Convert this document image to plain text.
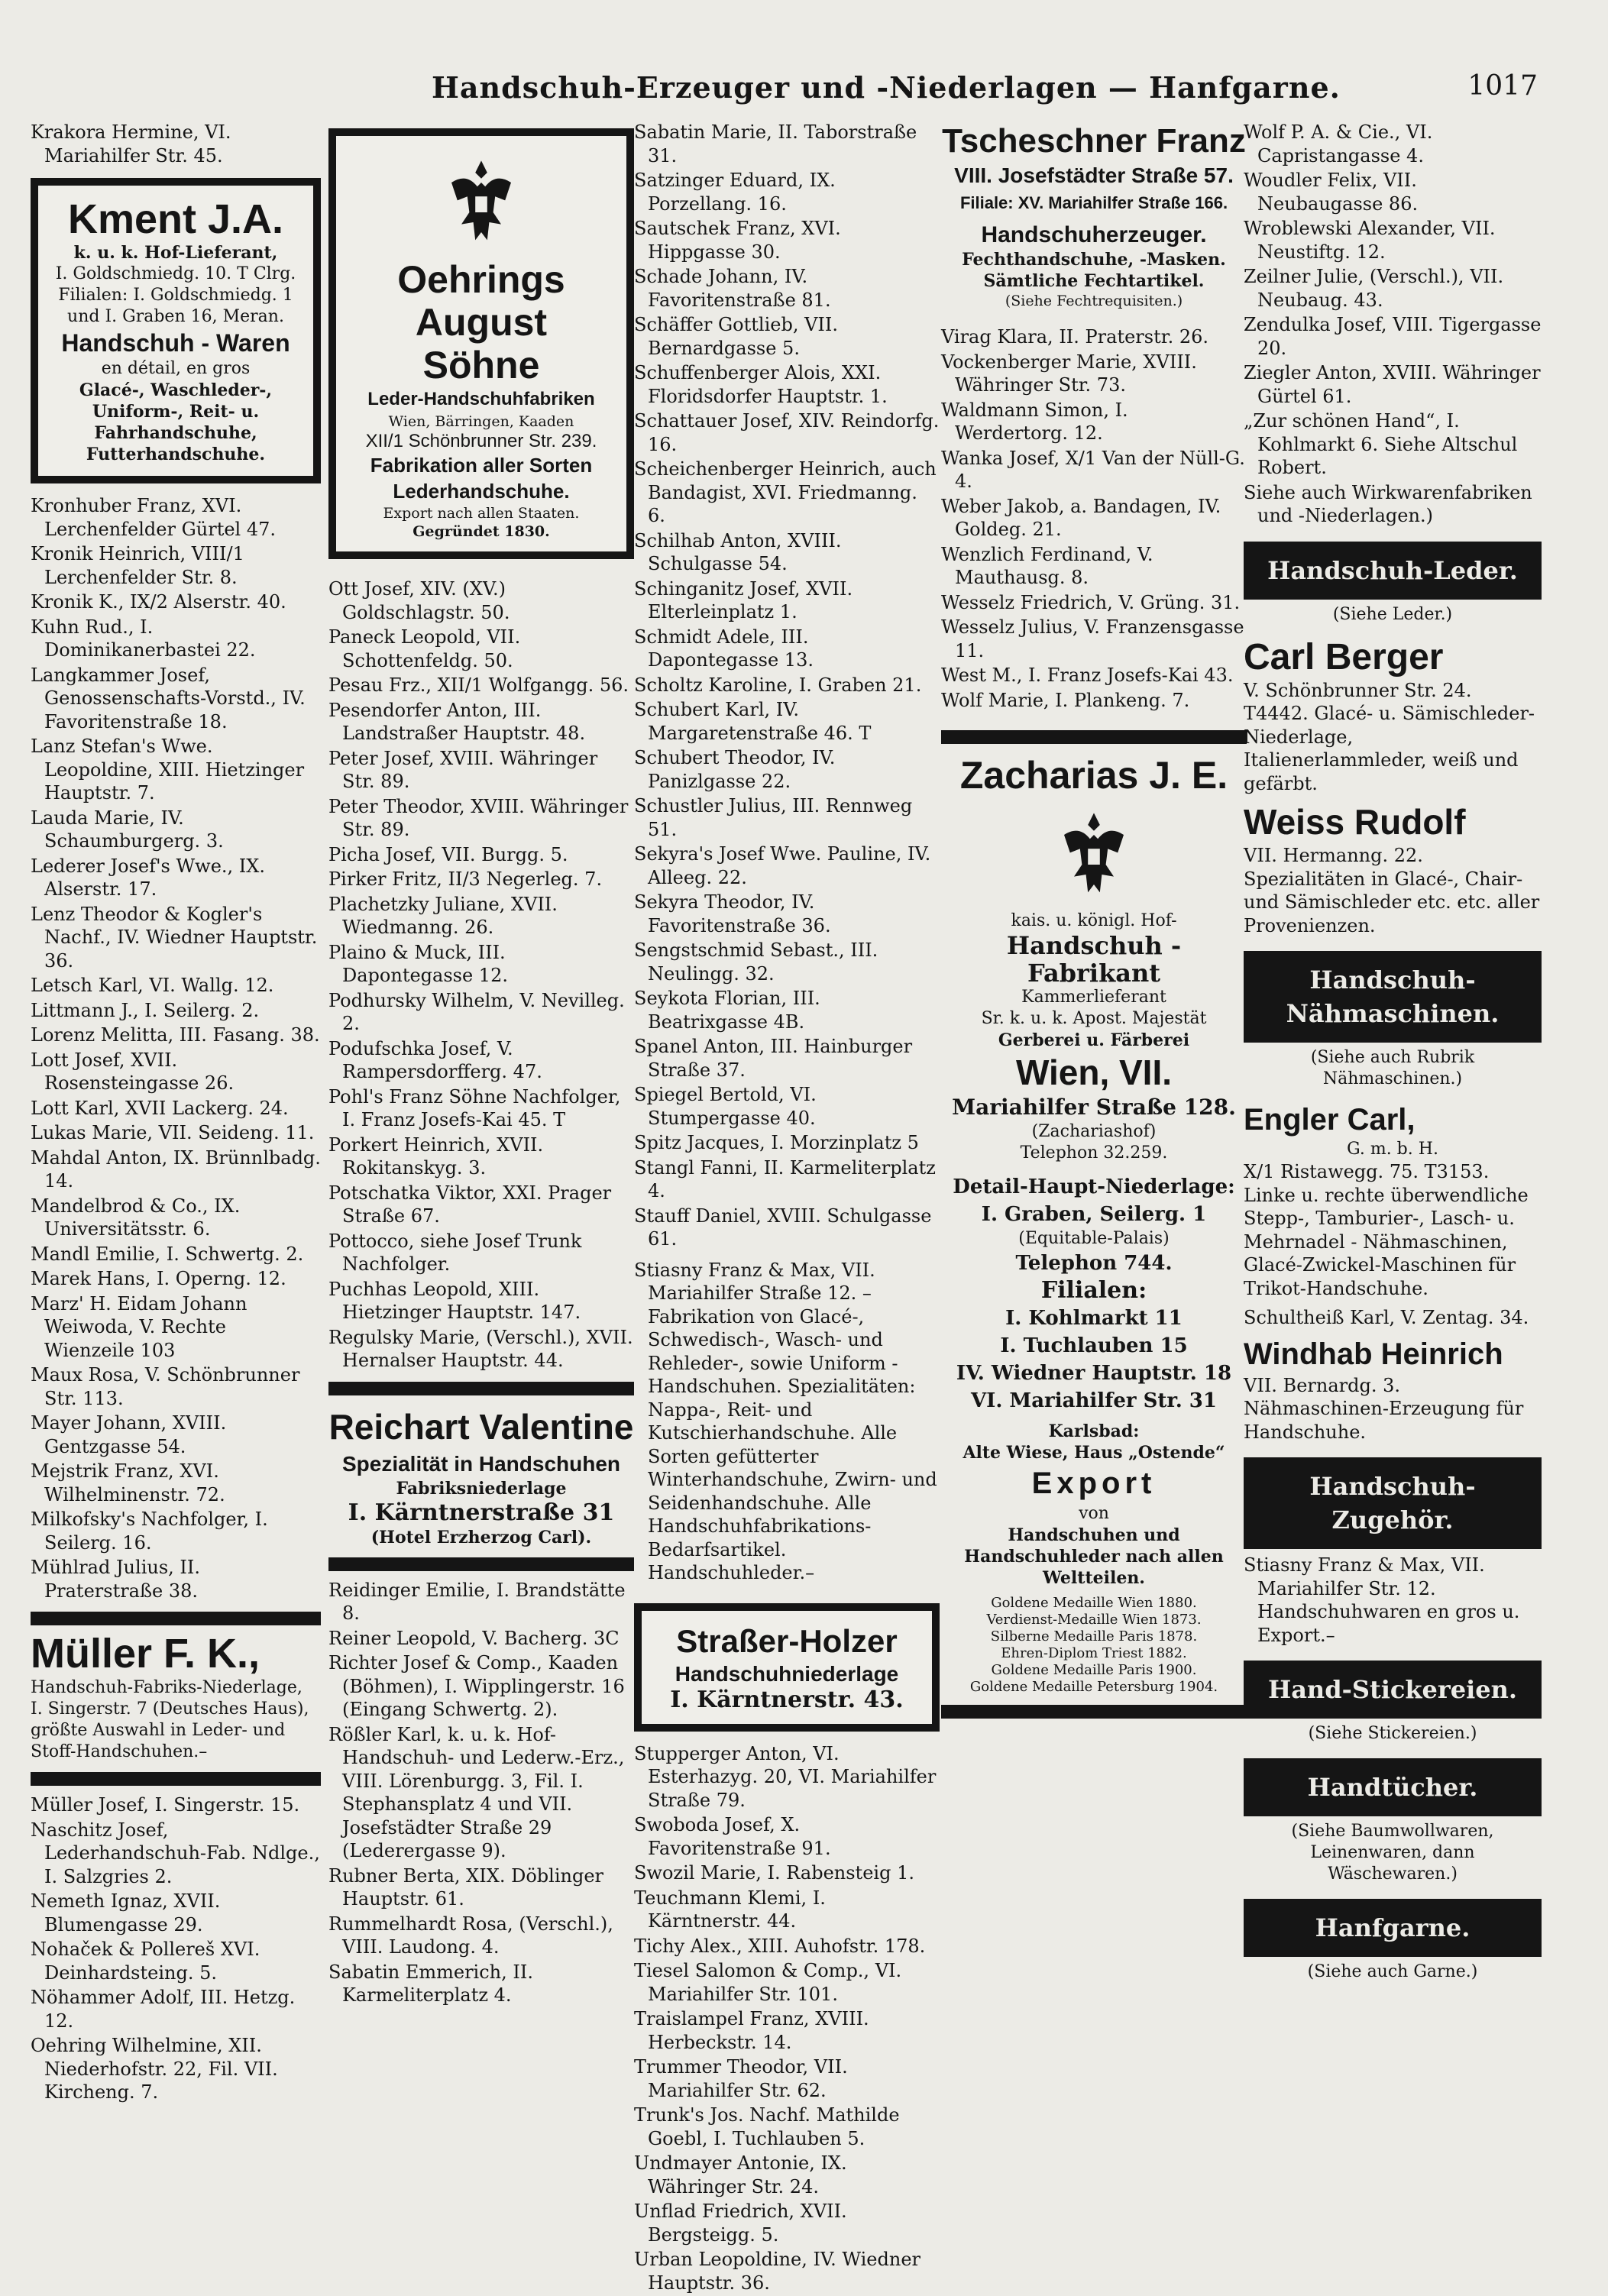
Handschuh-Erzeuger und -Niederlagen — Hanfgarne.	1017
Krakora Hermine, VI. Mariahilfer Str. 45.
Kment J.A.
k. u. k. Hof-Lieferant,
I. Goldschmiedg. 10. T Clrg.
Filialen: I. Goldschmiedg. 1
und I. Graben 16, Meran.
Handschuh - Waren
en détail, en gros
Glacé-, Waschleder-, Uniform-, Reit- u. Fahrhandschuhe, Futterhandschuhe.
Kronhuber Franz, XVI. Lerchenfelder Gürtel 47.
Kronik Heinrich, VIII/1 Lerchenfelder Str. 8.
Kronik K., IX/2 Alserstr. 40.
Kuhn Rud., I. Dominikanerbastei 22.
Langkammer Josef, Genossenschafts-Vorstd., IV. Favoritenstraße 18.
Lanz Stefan's Wwe. Leopoldine, XIII. Hietzinger Hauptstr. 7.
Lauda Marie, IV. Schaumburgerg. 3.
Lederer Josef's Wwe., IX. Alserstr. 17.
Lenz Theodor & Kogler's Nachf., IV. Wiedner Hauptstr. 36.
Letsch Karl, VI. Wallg. 12.
Littmann J., I. Seilerg. 2.
Lorenz Melitta, III. Fasang. 38.
Lott Josef, XVII. Rosensteingasse 26.
Lott Karl, XVII Lackerg. 24.
Lukas Marie, VII. Seideng. 11.
Mahdal Anton, IX. Brünnlbadg. 14.
Mandelbrod & Co., IX. Universitätsstr. 6.
Mandl Emilie, I. Schwertg. 2.
Marek Hans, I. Operng. 12.
Marz' H. Eidam Johann Weiwoda, V. Rechte Wienzeile 103
Maux Rosa, V. Schönbrunner Str. 113.
Mayer Johann, XVIII. Gentzgasse 54.
Mejstrik Franz, XVI. Wilhelminenstr. 72.
Milkofsky's Nachfolger, I. Seilerg. 16.
Mühlrad Julius, II. Praterstraße 38.
Müller F. K.,
Handschuh-Fabriks-Niederlage,
I. Singerstr. 7 (Deutsches Haus),
größte Auswahl in Leder- und Stoff-Handschuhen.–
Müller Josef, I. Singerstr. 15.
Naschitz Josef, Lederhandschuh-Fab. Ndlge., I. Salzgries 2.
Nemeth Ignaz, XVII. Blumengasse 29.
Nohaček & Pollereš XVI. Deinhardsteing. 5.
Nöhammer Adolf, III. Hetzg. 12.
Oehring Wilhelmine, XII. Niederhofstr. 22, Fil. VII. Kircheng. 7.
Oehrings
August
Söhne
Leder-Handschuhfabriken
Wien, Bärringen, Kaaden
XII/1 Schönbrunner Str. 239.
Fabrikation aller Sorten Lederhandschuhe.
Export nach allen Staaten.
Gegründet 1830.
Ott Josef, XIV. (XV.) Goldschlagstr. 50.
Paneck Leopold, VII. Schottenfeldg. 50.
Pesau Frz., XII/1 Wolfgangg. 56.
Pesendorfer Anton, III. Landstraßer Hauptstr. 48.
Peter Josef, XVIII. Währinger Str. 89.
Peter Theodor, XVIII. Währinger Str. 89.
Picha Josef, VII. Burgg. 5.
Pirker Fritz, II/3 Negerleg. 7.
Plachetzky Juliane, XVII. Wiedmanng. 26.
Plaino & Muck, III. Dapontegasse 12.
Podhursky Wilhelm, V. Nevilleg. 2.
Podufschka Josef, V. Rampersdorfferg. 47.
Pohl's Franz Söhne Nachfolger, I. Franz Josefs-Kai 45. T
Porkert Heinrich, XVII. Rokitanskyg. 3.
Potschatka Viktor, XXI. Prager Straße 67.
Pottocco, siehe Josef Trunk Nachfolger.
Puchhas Leopold, XIII. Hietzinger Hauptstr. 147.
Regulsky Marie, (Verschl.), XVII. Hernalser Hauptstr. 44.
Reichart Valentine
Spezialität in Handschuhen
Fabriksniederlage
I. Kärntnerstraße 31
(Hotel Erzherzog Carl).
Reidinger Emilie, I. Brandstätte 8.
Reiner Leopold, V. Bacherg. 3C
Richter Josef & Comp., Kaaden (Böhmen), I. Wipplingerstr. 16 (Eingang Schwertg. 2).
Rößler Karl, k. u. k. Hof-Handschuh- und Lederw.-Erz., VIII. Lörenburgg. 3, Fil. I. Stephansplatz 4 und VII. Josefstädter Straße 29 (Lederergasse 9).
Rubner Berta, XIX. Döblinger Hauptstr. 61.
Rummelhardt Rosa, (Verschl.), VIII. Laudong. 4.
Sabatin Emmerich, II. Karmeliterplatz 4.
Sabatin Marie, II. Taborstraße 31.
Satzinger Eduard, IX. Porzellang. 16.
Sautschek Franz, XVI. Hippgasse 30.
Schade Johann, IV. Favoritenstraße 81.
Schäffer Gottlieb, VII. Bernardgasse 5.
Schuffenberger Alois, XXI. Floridsdorfer Hauptstr. 1.
Schattauer Josef, XIV. Reindorfg. 16.
Scheichenberger Heinrich, auch Bandagist, XVI. Friedmanng. 6.
Schilhab Anton, XVIII. Schulgasse 54.
Schinganitz Josef, XVII. Elterleinplatz 1.
Schmidt Adele, III. Dapontegasse 13.
Scholtz Karoline, I. Graben 21.
Schubert Karl, IV. Margaretenstraße 46. T
Schubert Theodor, IV. Panizlgasse 22.
Schustler Julius, III. Rennweg 51.
Sekyra's Josef Wwe. Pauline, IV. Alleeg. 22.
Sekyra Theodor, IV. Favoritenstraße 36.
Sengstschmid Sebast., III. Neulingg. 32.
Seykota Florian, III. Beatrixgasse 4B.
Spanel Anton, III. Hainburger Straße 37.
Spiegel Bertold, VI. Stumpergasse 40.
Spitz Jacques, I. Morzinplatz 5
Stangl Fanni, II. Karmeliterplatz 4.
Stauff Daniel, XVIII. Schulgasse 61.
Stiasny Franz & Max, VII. Mariahilfer Straße 12. – Fabrikation von Glacé-, Schwedisch-, Wasch- und Rehleder-, sowie Uniform - Handschuhen. Spezialitäten: Nappa-, Reit- und Kutschierhandschuhe. Alle Sorten gefütterter Winterhandschuhe, Zwirn- und Seidenhandschuhe. Alle Handschuhfabrikations-Bedarfsartikel. Handschuhleder.–
Straßer-Holzer
Handschuhniederlage
I. Kärntnerstr. 43.
Stupperger Anton, VI. Esterhazyg. 20, VI. Mariahilfer Straße 79.
Swoboda Josef, X. Favoritenstraße 91.
Swozil Marie, I. Rabensteig 1.
Teuchmann Klemi, I. Kärntnerstr. 44.
Tichy Alex., XIII. Auhofstr. 178.
Tiesel Salomon & Comp., VI. Mariahilfer Str. 101.
Traislampel Franz, XVIII. Herbeckstr. 14.
Trummer Theodor, VII. Mariahilfer Str. 62.
Trunk's Jos. Nachf. Mathilde Goebl, I. Tuchlauben 5.
Undmayer Antonie, IX. Währinger Str. 24.
Unflad Friedrich, XVII. Bergsteigg. 5.
Urban Leopoldine, IV. Wiedner Hauptstr. 36.
Tscheschner Franz
VIII. Josefstädter Straße 57.
Filiale: XV. Mariahilfer Straße 166.
Handschuherzeuger.
Fechthandschuhe, -Masken. Sämtliche Fechtartikel.
(Siehe Fechtrequisiten.)
Virag Klara, II. Praterstr. 26.
Vockenberger Marie, XVIII. Währinger Str. 73.
Waldmann Simon, I. Werdertorg. 12.
Wanka Josef, X/1 Van der Nüll-G. 4.
Weber Jakob, a. Bandagen, IV. Goldeg. 21.
Wenzlich Ferdinand, V. Mauthausg. 8.
Wesselz Friedrich, V. Grüng. 31.
Wesselz Julius, V. Franzensgasse 11.
West M., I. Franz Josefs-Kai 43.
Wolf Marie, I. Plankeng. 7.
Zacharias J. E.
kais. u. königl. Hof-
Handschuh - Fabrikant
Kammerlieferant
Sr. k. u. k. Apost. Majestät
Gerberei u. Färberei
Wien, VII.
Mariahilfer Straße 128.
(Zachariashof)
Telephon 32.259.
Detail-Haupt-Niederlage:
I. Graben, Seilerg. 1
(Equitable-Palais)
Telephon 744.
Filialen:
I. Kohlmarkt 11
I. Tuchlauben 15
IV. Wiedner Hauptstr. 18
VI. Mariahilfer Str. 31
Karlsbad:
Alte Wiese, Haus „Ostende“
Export
von
Handschuhen und Handschuhleder nach allen Weltteilen.
Goldene Medaille Wien 1880.
Verdienst-Medaille Wien 1873.
Silberne Medaille Paris 1878.
Ehren-Diplom Triest 1882.
Goldene Medaille Paris 1900.
Goldene Medaille Petersburg 1904.
Wolf P. A. & Cie., VI. Capristangasse 4.
Woudler Felix, VII. Neubaugasse 86.
Wroblewski Alexander, VII. Neustiftg. 12.
Zeilner Julie, (Verschl.), VII. Neubaug. 43.
Zendulka Josef, VIII. Tigergasse 20.
Ziegler Anton, XVIII. Währinger Gürtel 61.
„Zur schönen Hand“, I. Kohlmarkt 6. Siehe Altschul Robert.
Siehe auch Wirkwarenfabriken und -Niederlagen.)
Handschuh-Leder.
(Siehe Leder.)
Carl Berger
V. Schönbrunner Str. 24. T4442. Glacé- u. Sämischleder-Niederlage, Italienerlammleder, weiß und gefärbt.
Weiss Rudolf
VII. Hermanng. 22. Spezialitäten in Glacé-, Chair- und Sämischleder etc. etc. aller Provenienzen.
Handschuh-Nähmaschinen.
(Siehe auch Rubrik Nähmaschinen.)
Engler Carl,
G. m. b. H.
X/1 Ristawegg. 75. T3153. Linke u. rechte überwendliche Stepp-, Tamburier-, Lasch- u. Mehrnadel - Nähmaschinen, Glacé-Zwickel-Maschinen für Trikot-Handschuhe.
Schultheiß Karl, V. Zentag. 34.
Windhab Heinrich
VII. Bernardg. 3. Nähmaschinen-Erzeugung für Handschuhe.
Handschuh-Zugehör.
Stiasny Franz & Max, VII. Mariahilfer Str. 12. Handschuhwaren en gros u. Export.–
Hand-Stickereien.
(Siehe Stickereien.)
Handtücher.
(Siehe Baumwollwaren, Leinenwaren, dann Wäschewaren.)
Hanfgarne.
(Siehe auch Garne.)
